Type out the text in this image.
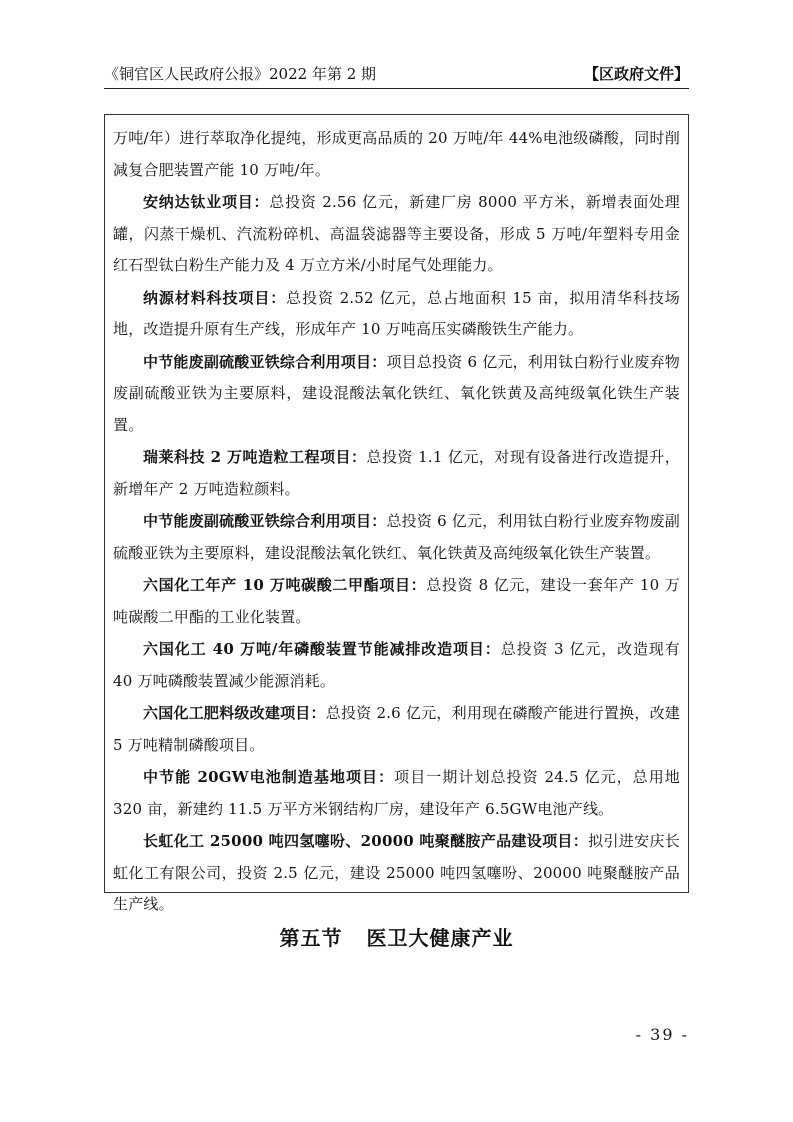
《铜官区人民政府公报》2022 年第 2 期	【区政府文件】

万吨/年）进行萃取净化提纯，形成更高品质的 20 万吨/年 44%电池级磷酸，同时削减复合肥装置产能 10 万吨/年。

安纳达钛业项目：总投资 2.56 亿元，新建厂房 8000 平方米，新增表面处理罐，闪蒸干燥机、汽流粉碎机、高温袋滤器等主要设备，形成 5 万吨/年塑料专用金红石型钛白粉生产能力及 4 万立方米/小时尾气处理能力。

纳源材料科技项目：总投资 2.52 亿元，总占地面积 15 亩，拟用清华科技场地，改造提升原有生产线，形成年产 10 万吨高压实磷酸铁生产能力。

中节能废副硫酸亚铁综合利用项目：项目总投资 6 亿元，利用钛白粉行业废弃物废副硫酸亚铁为主要原料，建设混酸法氧化铁红、氧化铁黄及高纯级氧化铁生产装置。

瑞莱科技 2 万吨造粒工程项目：总投资 1.1 亿元，对现有设备进行改造提升，新增年产 2 万吨造粒颜料。

中节能废副硫酸亚铁综合利用项目：总投资 6 亿元，利用钛白粉行业废弃物废副硫酸亚铁为主要原料，建设混酸法氧化铁红、氧化铁黄及高纯级氧化铁生产装置。

六国化工年产 10 万吨碳酸二甲酯项目：总投资 8 亿元，建设一套年产 10 万吨碳酸二甲酯的工业化装置。

六国化工 40 万吨/年磷酸装置节能减排改造项目：总投资 3 亿元，改造现有 40 万吨磷酸装置减少能源消耗。

六国化工肥料级改建项目：总投资 2.6 亿元，利用现在磷酸产能进行置换，改建 5 万吨精制磷酸项目。

中节能 20GW电池制造基地项目：项目一期计划总投资 24.5 亿元，总用地 320 亩，新建约 11.5 万平方米钢结构厂房，建设年产 6.5GW电池产线。

长虹化工 25000 吨四氢噻吩、20000 吨聚醚胺产品建设项目：拟引进安庆长虹化工有限公司，投资 2.5 亿元，建设 25000 吨四氢噻吩、20000 吨聚醚胺产品生产线。

第五节 医卫大健康产业
- 39 -
